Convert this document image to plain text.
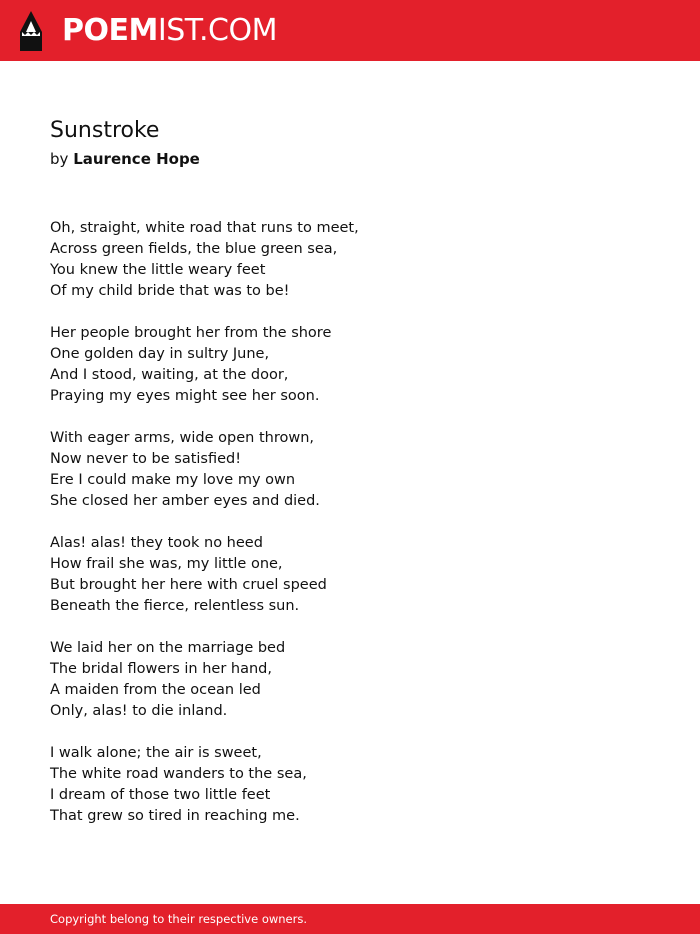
POEMIST.COM
Sunstroke
by Laurence Hope
Oh, straight, white road that runs to meet,
Across green fields, the blue green sea,
You knew the little weary feet
Of my child bride that was to be!
Her people brought her from the shore
One golden day in sultry June,
And I stood, waiting, at the door,
Praying my eyes might see her soon.
With eager arms, wide open thrown,
Now never to be satisfied!
Ere I could make my love my own
She closed her amber eyes and died.
Alas! alas! they took no heed
How frail she was, my little one,
But brought her here with cruel speed
Beneath the fierce, relentless sun.
We laid her on the marriage bed
The bridal flowers in her hand,
A maiden from the ocean led
Only, alas! to die inland.
I walk alone; the air is sweet,
The white road wanders to the sea,
I dream of those two little feet
That grew so tired in reaching me.
Copyright belong to their respective owners.
